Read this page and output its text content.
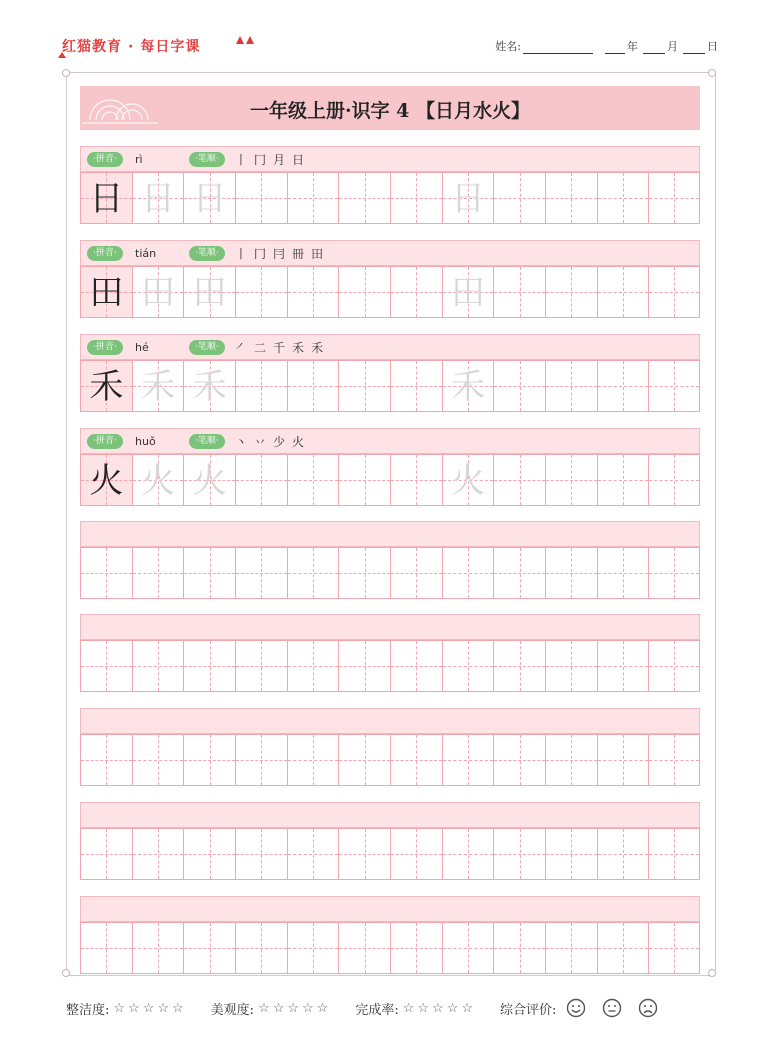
红猫教育 · 每日字课	姓名:	年	月	日
一年级上册·识字 4 【日月水火】
·拼音·	rì	·笔顺·	丨 冂 月 日
日 日 日	日
·拼音·	tián	·笔顺·	丨 冂 冃 冊 田
田 田 田	田
·拼音·	hé	·笔顺·	㇒ 二 千 禾 禾
禾 禾 禾	禾
·拼音·	huǒ	·笔顺·	丶 丷 少 火
火 火 火	火
整洁度: ☆☆☆☆☆ 美观度: ☆☆☆☆☆ 完成率: ☆☆☆☆☆ 综合评价:
